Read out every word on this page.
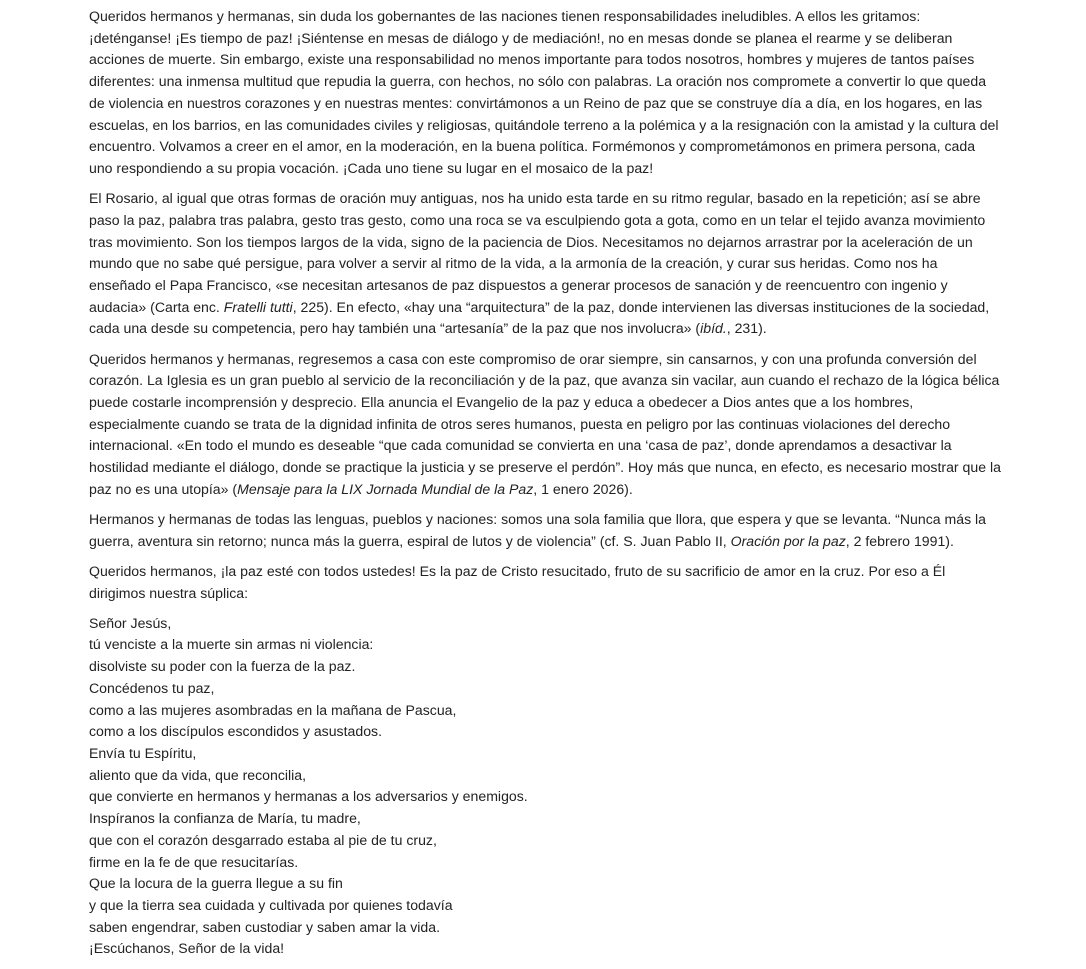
Queridos hermanos y hermanas, sin duda los gobernantes de las naciones tienen responsabilidades ineludibles. A ellos les gritamos: ¡deténganse! ¡Es tiempo de paz! ¡Siéntense en mesas de diálogo y de mediación!, no en mesas donde se planea el rearme y se deliberan acciones de muerte. Sin embargo, existe una responsabilidad no menos importante para todos nosotros, hombres y mujeres de tantos países diferentes: una inmensa multitud que repudia la guerra, con hechos, no sólo con palabras. La oración nos compromete a convertir lo que queda de violencia en nuestros corazones y en nuestras mentes: convirtámonos a un Reino de paz que se construye día a día, en los hogares, en las escuelas, en los barrios, en las comunidades civiles y religiosas, quitándole terreno a la polémica y a la resignación con la amistad y la cultura del encuentro. Volvamos a creer en el amor, en la moderación, en la buena política. Formémonos y comprometámonos en primera persona, cada uno respondiendo a su propia vocación. ¡Cada uno tiene su lugar en el mosaico de la paz!

El Rosario, al igual que otras formas de oración muy antiguas, nos ha unido esta tarde en su ritmo regular, basado en la repetición; así se abre paso la paz, palabra tras palabra, gesto tras gesto, como una roca se va esculpiendo gota a gota, como en un telar el tejido avanza movimiento tras movimiento. Son los tiempos largos de la vida, signo de la paciencia de Dios. Necesitamos no dejarnos arrastrar por la aceleración de un mundo que no sabe qué persigue, para volver a servir al ritmo de la vida, a la armonía de la creación, y curar sus heridas. Como nos ha enseñado el Papa Francisco, «se necesitan artesanos de paz dispuestos a generar procesos de sanación y de reencuentro con ingenio y audacia» (Carta enc. Fratelli tutti, 225). En efecto, «hay una “arquitectura” de la paz, donde intervienen las diversas instituciones de la sociedad, cada una desde su competencia, pero hay también una “artesanía” de la paz que nos involucra» (ibíd., 231).

Queridos hermanos y hermanas, regresemos a casa con este compromiso de orar siempre, sin cansarnos, y con una profunda conversión del corazón. La Iglesia es un gran pueblo al servicio de la reconciliación y de la paz, que avanza sin vacilar, aun cuando el rechazo de la lógica bélica puede costarle incomprensión y desprecio. Ella anuncia el Evangelio de la paz y educa a obedecer a Dios antes que a los hombres, especialmente cuando se trata de la dignidad infinita de otros seres humanos, puesta en peligro por las continuas violaciones del derecho internacional. «En todo el mundo es deseable “que cada comunidad se convierta en una ‘casa de paz’, donde aprendamos a desactivar la hostilidad mediante el diálogo, donde se practique la justicia y se preserve el perdón”. Hoy más que nunca, en efecto, es necesario mostrar que la paz no es una utopía» (Mensaje para la LIX Jornada Mundial de la Paz, 1 enero 2026).

Hermanos y hermanas de todas las lenguas, pueblos y naciones: somos una sola familia que llora, que espera y que se levanta. “Nunca más la guerra, aventura sin retorno; nunca más la guerra, espiral de lutos y de violencia” (cf. S. Juan Pablo II, Oración por la paz, 2 febrero 1991).

Queridos hermanos, ¡la paz esté con todos ustedes! Es la paz de Cristo resucitado, fruto de su sacrificio de amor en la cruz. Por eso a Él dirigimos nuestra súplica:

Señor Jesús,
tú venciste a la muerte sin armas ni violencia:
disolviste su poder con la fuerza de la paz.
Concédenos tu paz,
como a las mujeres asombradas en la mañana de Pascua,
como a los discípulos escondidos y asustados.
Envía tu Espíritu,
aliento que da vida, que reconcilia,
que convierte en hermanos y hermanas a los adversarios y enemigos.
Inspíranos la confianza de María, tu madre,
que con el corazón desgarrado estaba al pie de tu cruz,
firme en la fe de que resucitarías.
Que la locura de la guerra llegue a su fin
y que la tierra sea cuidada y cultivada por quienes todavía
saben engendrar, saben custodiar y saben amar la vida.
¡Escúchanos, Señor de la vida!
